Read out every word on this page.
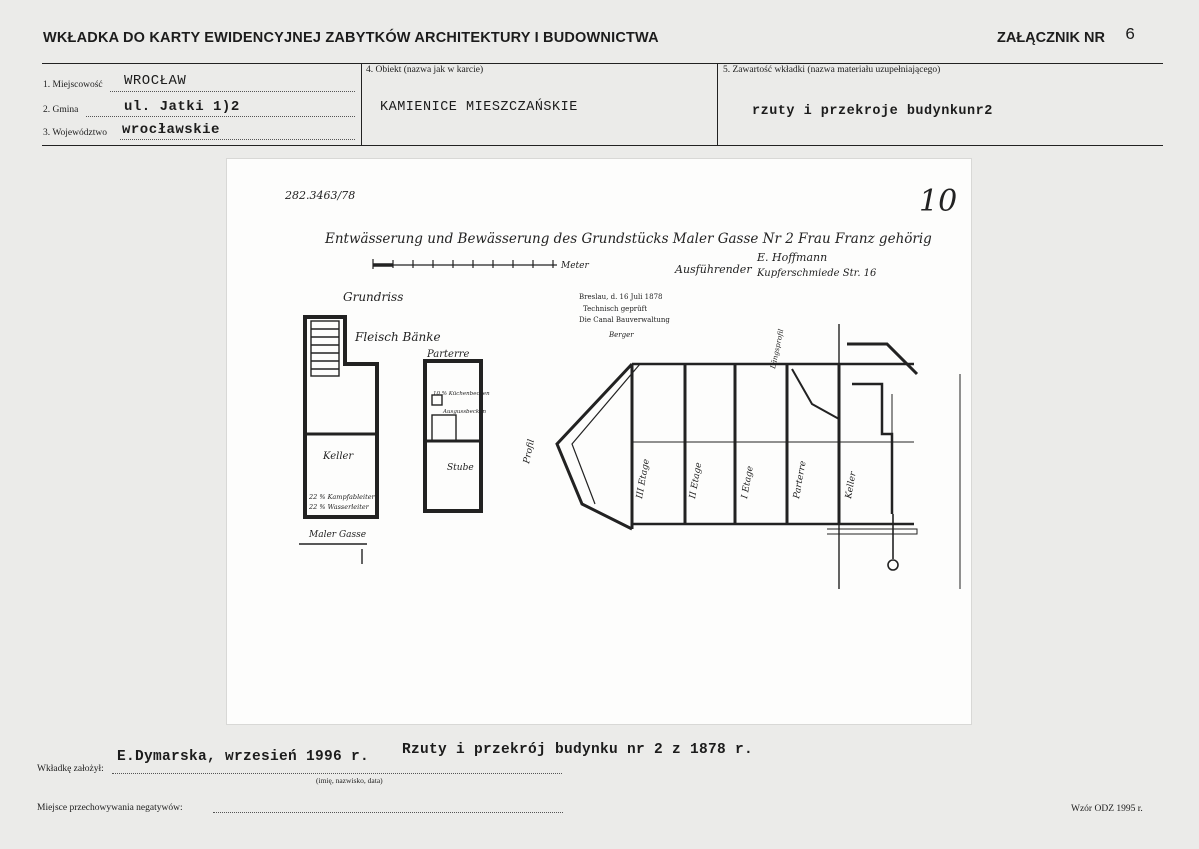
WKŁADKA DO KARTY EWIDENCYJNEJ ZABYTKÓW ARCHITEKTURY I BUDOWNICTWA	ZAŁĄCZNIK NR 6
1. Miejscowość WROCŁAW
2. Gmina	ul. Jatki 1)2
3. Województwo wrocławskie
4. Obiekt (nazwa jak w karcie)
KAMIENICE MIESZCZAŃSKIE
5. Zawartość wkładki (nazwa materiału uzupełniającego)
rzuty i przekroje budynkunr2
282.3463/78	10
Entwässerung und Bewässerung des Grundstücks Maler Gasse Nr 2 Frau Franz gehörig
Meter	Ausführender
E. Hoffmann
Kupferschmiede Str. 16
Breslau, d. 16 Juli 1878
Technisch geprüft
Die Canal Bauverwaltung
Berger
Grundriss
Fleisch Bänke
Keller
22 % Kampfableiter
22 % Wasserleiter
Maler Gasse
Parterre
10 % Küchenbecken
Ausgussbecken
Stube
Profil
III Etage	II Etage	I Etage	Parterre	Keller
Längsprofil
Wkładkę założył:
E.Dymarska, wrzesień 1996 r. Rzuty i przekrój budynku nr 2 z 1878 r.
(imię, nazwisko, data)
Miejsce przechowywania negatywów:	Wzór ODZ 1995 r.
